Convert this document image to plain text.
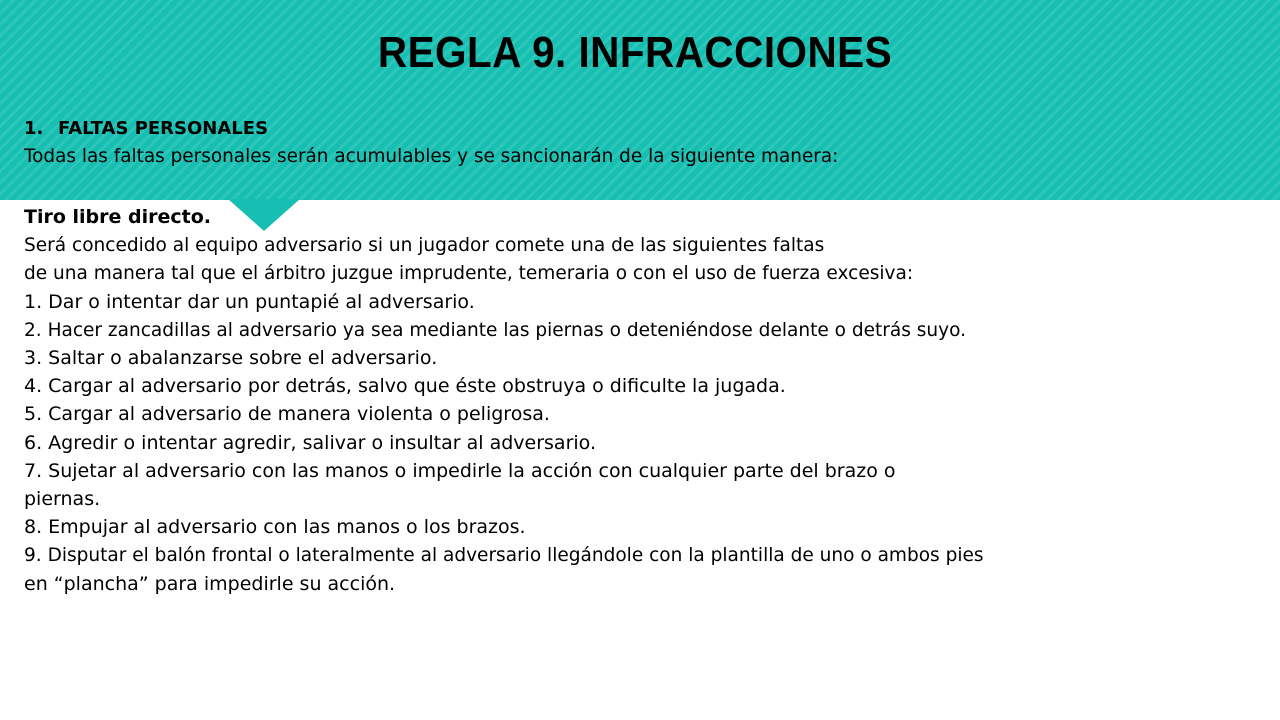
REGLA 9. INFRACCIONES
1. FALTAS PERSONALES
Todas las faltas personales serán acumulables y se sancionarán de la siguiente manera:
Tiro libre directo.
Será concedido al equipo adversario si un jugador comete una de las siguientes faltas
de una manera tal que el árbitro juzgue imprudente, temeraria o con el uso de fuerza excesiva:
1. Dar o intentar dar un puntapié al adversario.
2. Hacer zancadillas al adversario ya sea mediante las piernas o deteniéndose delante o detrás suyo.
3. Saltar o abalanzarse sobre el adversario.
4. Cargar al adversario por detrás, salvo que éste obstruya o dificulte la jugada.
5. Cargar al adversario de manera violenta o peligrosa.
6. Agredir o intentar agredir, salivar o insultar al adversario.
7. Sujetar al adversario con las manos o impedirle la acción con cualquier parte del brazo o
piernas.
8. Empujar al adversario con las manos o los brazos.
9. Disputar el balón frontal o lateralmente al adversario llegándole con la plantilla de uno o ambos pies
en “plancha” para impedirle su acción.
